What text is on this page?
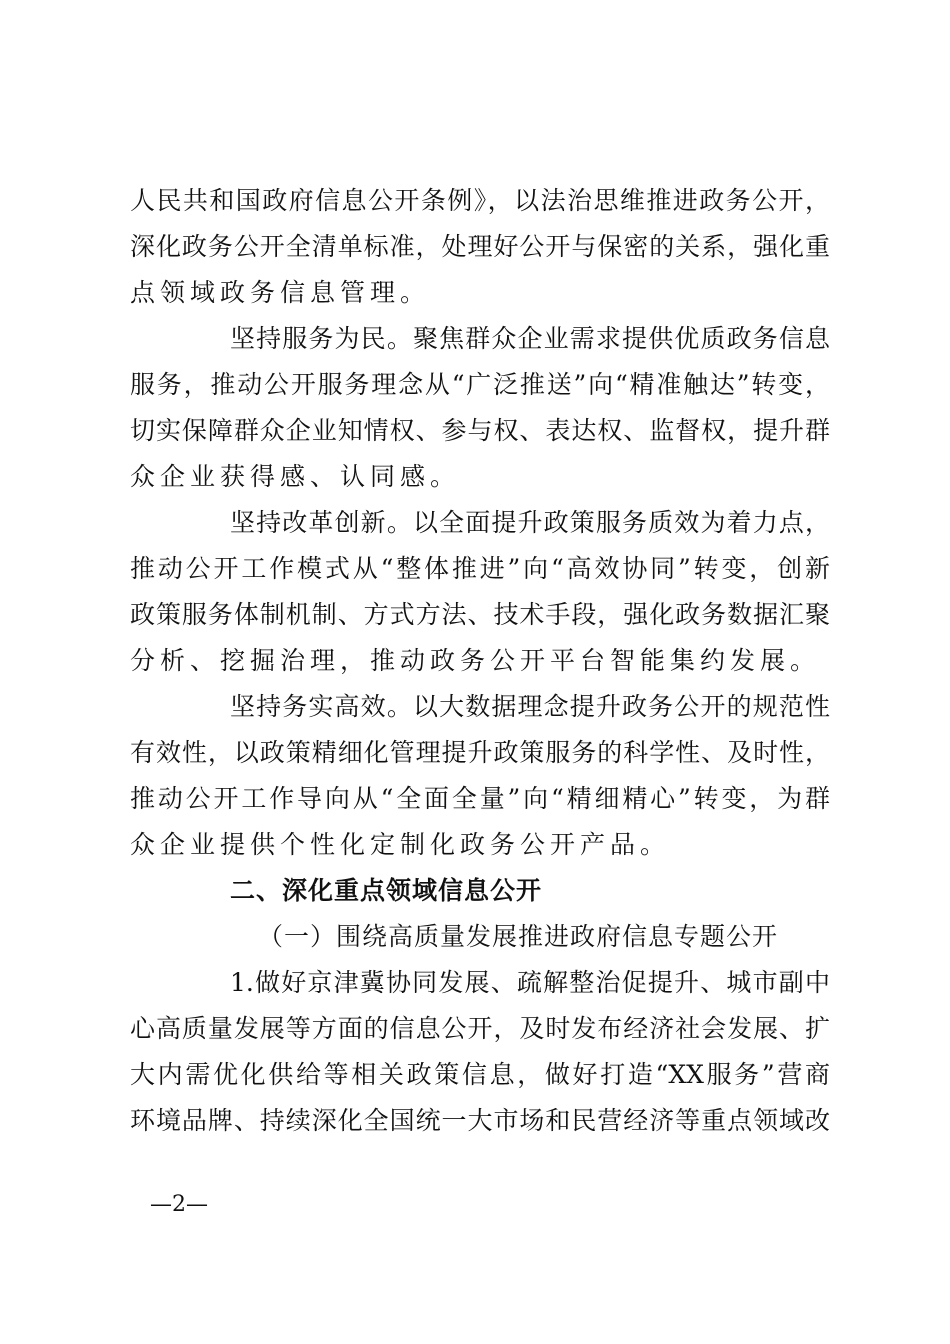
人民共和国政府信息公开条例》，以法治思维推进政务公开，
深化政务公开全清单标准，处理好公开与保密的关系，强化重
点领域政务信息管理。
坚持服务为民。聚焦群众企业需求提供优质政务信息
服务，推动公开服务理念从“广泛推送”向“精准触达”转变，
切实保障群众企业知情权、参与权、表达权、监督权，提升群
众企业获得感、认同感。
坚持改革创新。以全面提升政策服务质效为着力点，
推动公开工作模式从“整体推进”向“高效协同”转变，创新
政策服务体制机制、方式方法、技术手段，强化政务数据汇聚
分析、挖掘治理，推动政务公开平台智能集约发展。
坚持务实高效。以大数据理念提升政务公开的规范性
有效性，以政策精细化管理提升政策服务的科学性、及时性，
推动公开工作导向从“全面全量”向“精细精心”转变，为群
众企业提供个性化定制化政务公开产品。
二、深化重点领域信息公开
（一）围绕高质量发展推进政府信息专题公开
1.做好京津冀协同发展、疏解整治促提升、城市副中
心高质量发展等方面的信息公开，及时发布经济社会发展、扩
大内需优化供给等相关政策信息，做好打造“XX服务”营商
环境品牌、持续深化全国统一大市场和民营经济等重点领域改
—2—
